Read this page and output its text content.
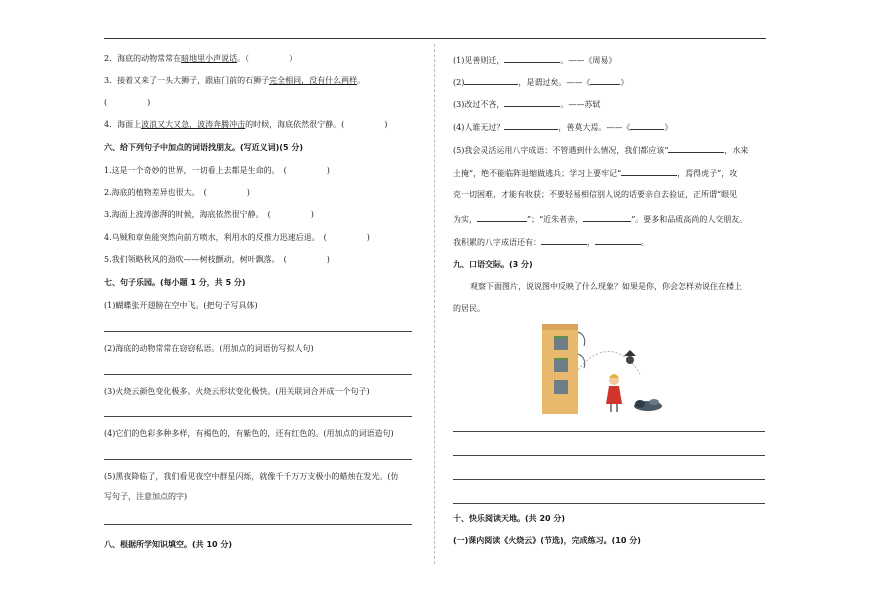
2．海底的动物常常在暗地里小声说话。（　　　　　）
3．接着又来了一头大狮子，跟庙门前的石狮子完全相同，没有什么两样。
(　　　　　)
4．海面上波浪又大又急，波涛奔腾冲击的时候，海底依然很宁静。(　　　　　)
六、给下列句子中加点的词语找朋友。(写近义词)(5 分)
1.这是一个奇妙的世界，一切看上去都是生命的。　(　　　　　)
2.海底的植物差异也很大。　(　　　　　)
3.海面上波涛澎湃的时候，海底依然很宁静。　(　　　　　)
4.乌贼和章鱼能突然向前方喷水，利用水的反推力迅速后退。　(　　　　　)
5.我们领略秋风的劲吹——树枝颤动，树叶飘落。　(　　　　　)
七、句子乐园。(每小题 1 分，共 5 分)
(1)蝴蝶张开翅膀在空中飞。(把句子写具体)
(2)海底的动物常常在窃窃私语。(用加点的词语仿写拟人句)
(3)火烧云颜色变化极多。火烧云形状变化极快。(用关联词合并成一个句子)
(4)它们的色彩多种多样，有褐色的，有紫色的，还有红色的。(用加点的词语造句)
(5)黑夜降临了，我们看见夜空中群星闪烁，就像千千万万支极小的蜡烛在发光。(仿
写句子，注意加点的字)
八、根据所学知识填空。(共 10 分)
(1)见善则迁，	。——《周易》
(2)	，是谓过矣。——《	》
(3)改过不吝，	。——苏轼
(4)人谁无过？	，善莫大焉。——《	》
(5)我会灵活运用八字成语：不管遇到什么情况，我们都应该“	，水来
土掩”，绝不能临阵退缩做逃兵；学习上要牢记“	，焉得虎子”，攻
克一切困难，才能有收获；不要轻易相信别人说的话要亲自去验证，正所谓“眼见
为实，	”；“近朱者赤，	”。要多和品质高尚的人交朋友。
我积累的八字成语还有：	，	。
九、口语交际。(3 分)
观察下面图片，说说图中反映了什么现象？如果是你，你会怎样劝说住在楼上
的居民。
十、快乐阅读天地。(共 20 分)
(一)课内阅读《火烧云》(节选)，完成练习。(10 分)
